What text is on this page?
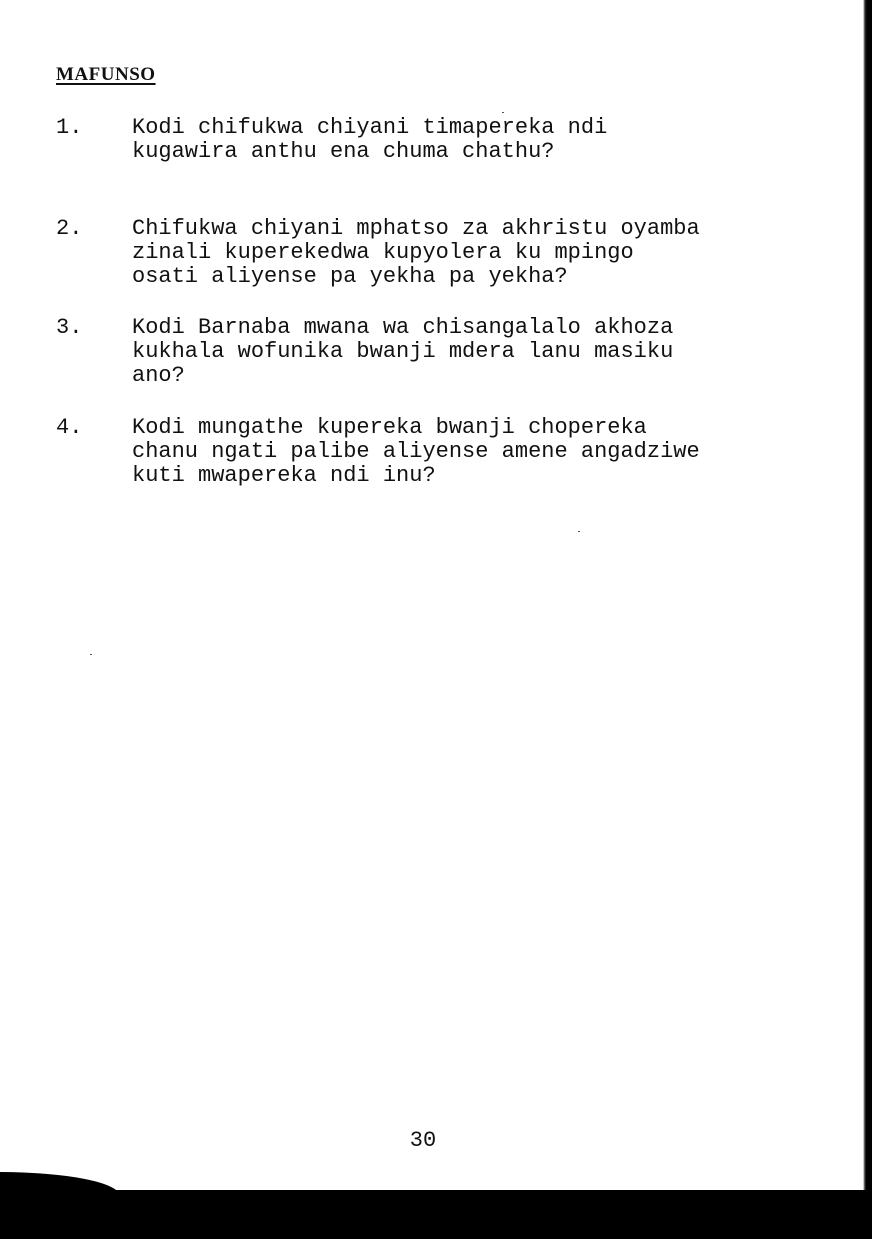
MAFUNSO
1. Kodi chifukwa chiyani timapereka ndi
kugawira anthu ena chuma chathu?
2. Chifukwa chiyani mphatso za akhristu oyamba
zinali kuperekedwa kupyolera ku mpingo
osati aliyense pa yekha pa yekha?
3. Kodi Barnaba mwana wa chisangalalo akhoza
kukhala wofunika bwanji mdera lanu masiku
ano?
4. Kodi mungathe kupereka bwanji chopereka
chanu ngati palibe aliyense amene angadziwe
kuti mwapereka ndi inu?
30
